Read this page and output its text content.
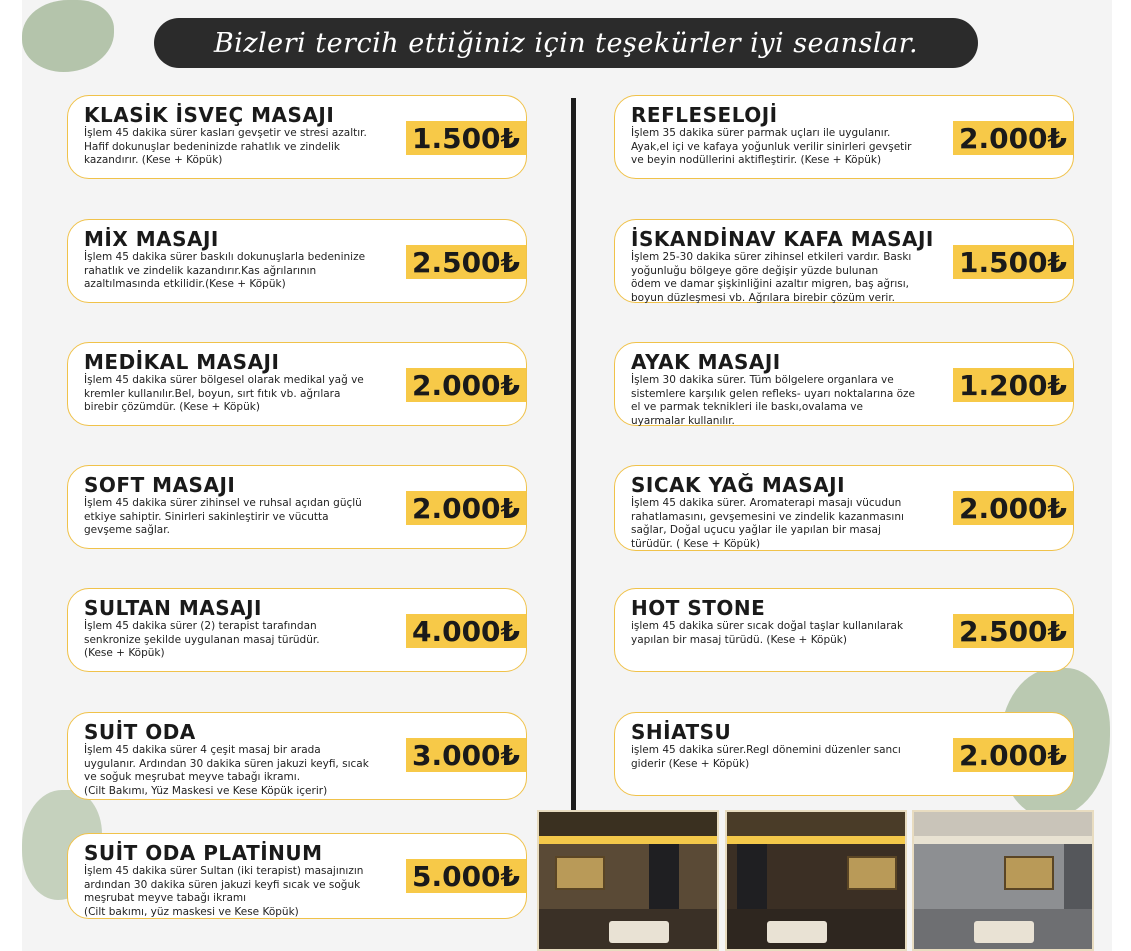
Bizleri tercih ettiğiniz için teşekürler iyi seanslar.
KLASİK İSVEÇ MASAJI
İşlem 45 dakika sürer kasları gevşetir ve stresi azaltır.
Hafif dokunuşlar bedeninizde rahatlık ve zindelik
kazandırır. (Kese + Köpük)
1.500₺
MİX MASAJI
İşlem 45 dakika sürer baskılı dokunuşlarla bedeninize
rahatlık ve zindelik kazandırır.Kas ağrılarının
azaltılmasında etkilidir.(Kese + Köpük)
2.500₺
MEDİKAL MASAJI
İşlem 45 dakika sürer bölgesel olarak medikal yağ ve
kremler kullanılır.Bel, boyun, sırt fıtık vb. ağrılara
birebir çözümdür. (Kese + Köpük)
2.000₺
SOFT MASAJI
İşlem 45 dakika sürer zihinsel ve ruhsal açıdan güçlü
etkiye sahiptir. Sinirleri sakinleştirir ve vücutta
gevşeme sağlar.
2.000₺
SULTAN MASAJI
İşlem 45 dakika sürer (2) terapist tarafından
senkronize şekilde uygulanan masaj türüdür.
(Kese + Köpük)
4.000₺
SUİT ODA
İşlem 45 dakika sürer 4 çeşit masaj bir arada
uygulanır. Ardından 30 dakika süren jakuzi keyfi, sıcak
ve soğuk meşrubat meyve tabağı ikramı.
(Cilt Bakımı, Yüz Maskesi ve Kese Köpük içerir)
3.000₺
SUİT ODA PLATİNUM
İşlem 45 dakika sürer Sultan (iki terapist) masajınızın
ardından 30 dakika süren jakuzi keyfi sıcak ve soğuk
meşrubat meyve tabağı ikramı
(Cilt bakımı, yüz maskesi ve Kese Köpük)
5.000₺
REFLESELOJİ
İşlem 35 dakika sürer parmak uçları ile uygulanır.
Ayak,el içi ve kafaya yoğunluk verilir sinirleri gevşetir
ve beyin nodüllerini aktifleştirir. (Kese + Köpük)
2.000₺
İSKANDİNAV KAFA MASAJI
İşlem 25-30 dakika sürer zihinsel etkileri vardır. Baskı
yoğunluğu bölgeye göre değişir yüzde bulunan
ödem ve damar şişkinliğini azaltır migren, baş ağrısı,
boyun düzleşmesi vb. Ağrılara birebir çözüm verir.
1.500₺
AYAK MASAJI
İşlem 30 dakika sürer. Tüm bölgelere organlara ve
sistemlere karşılık gelen refleks- uyarı noktalarına öze
el ve parmak teknikleri ile baskı,ovalama ve
uyarmalar kullanılır.
1.200₺
SICAK YAĞ MASAJI
İşlem 45 dakika sürer. Aromaterapi masajı vücudun
rahatlamasını, gevşemesini ve zindelik kazanmasını
sağlar, Doğal uçucu yağlar ile yapılan bir masaj
türüdür. ( Kese + Köpük)
2.000₺
HOT STONE
işlem 45 dakika sürer sıcak doğal taşlar kullanılarak
yapılan bir masaj türüdü. (Kese + Köpük)	2.500₺
SHİATSU
işlem 45 dakika sürer.Regl dönemini düzenler sancı
giderir (Kese + Köpük)	2.000₺
